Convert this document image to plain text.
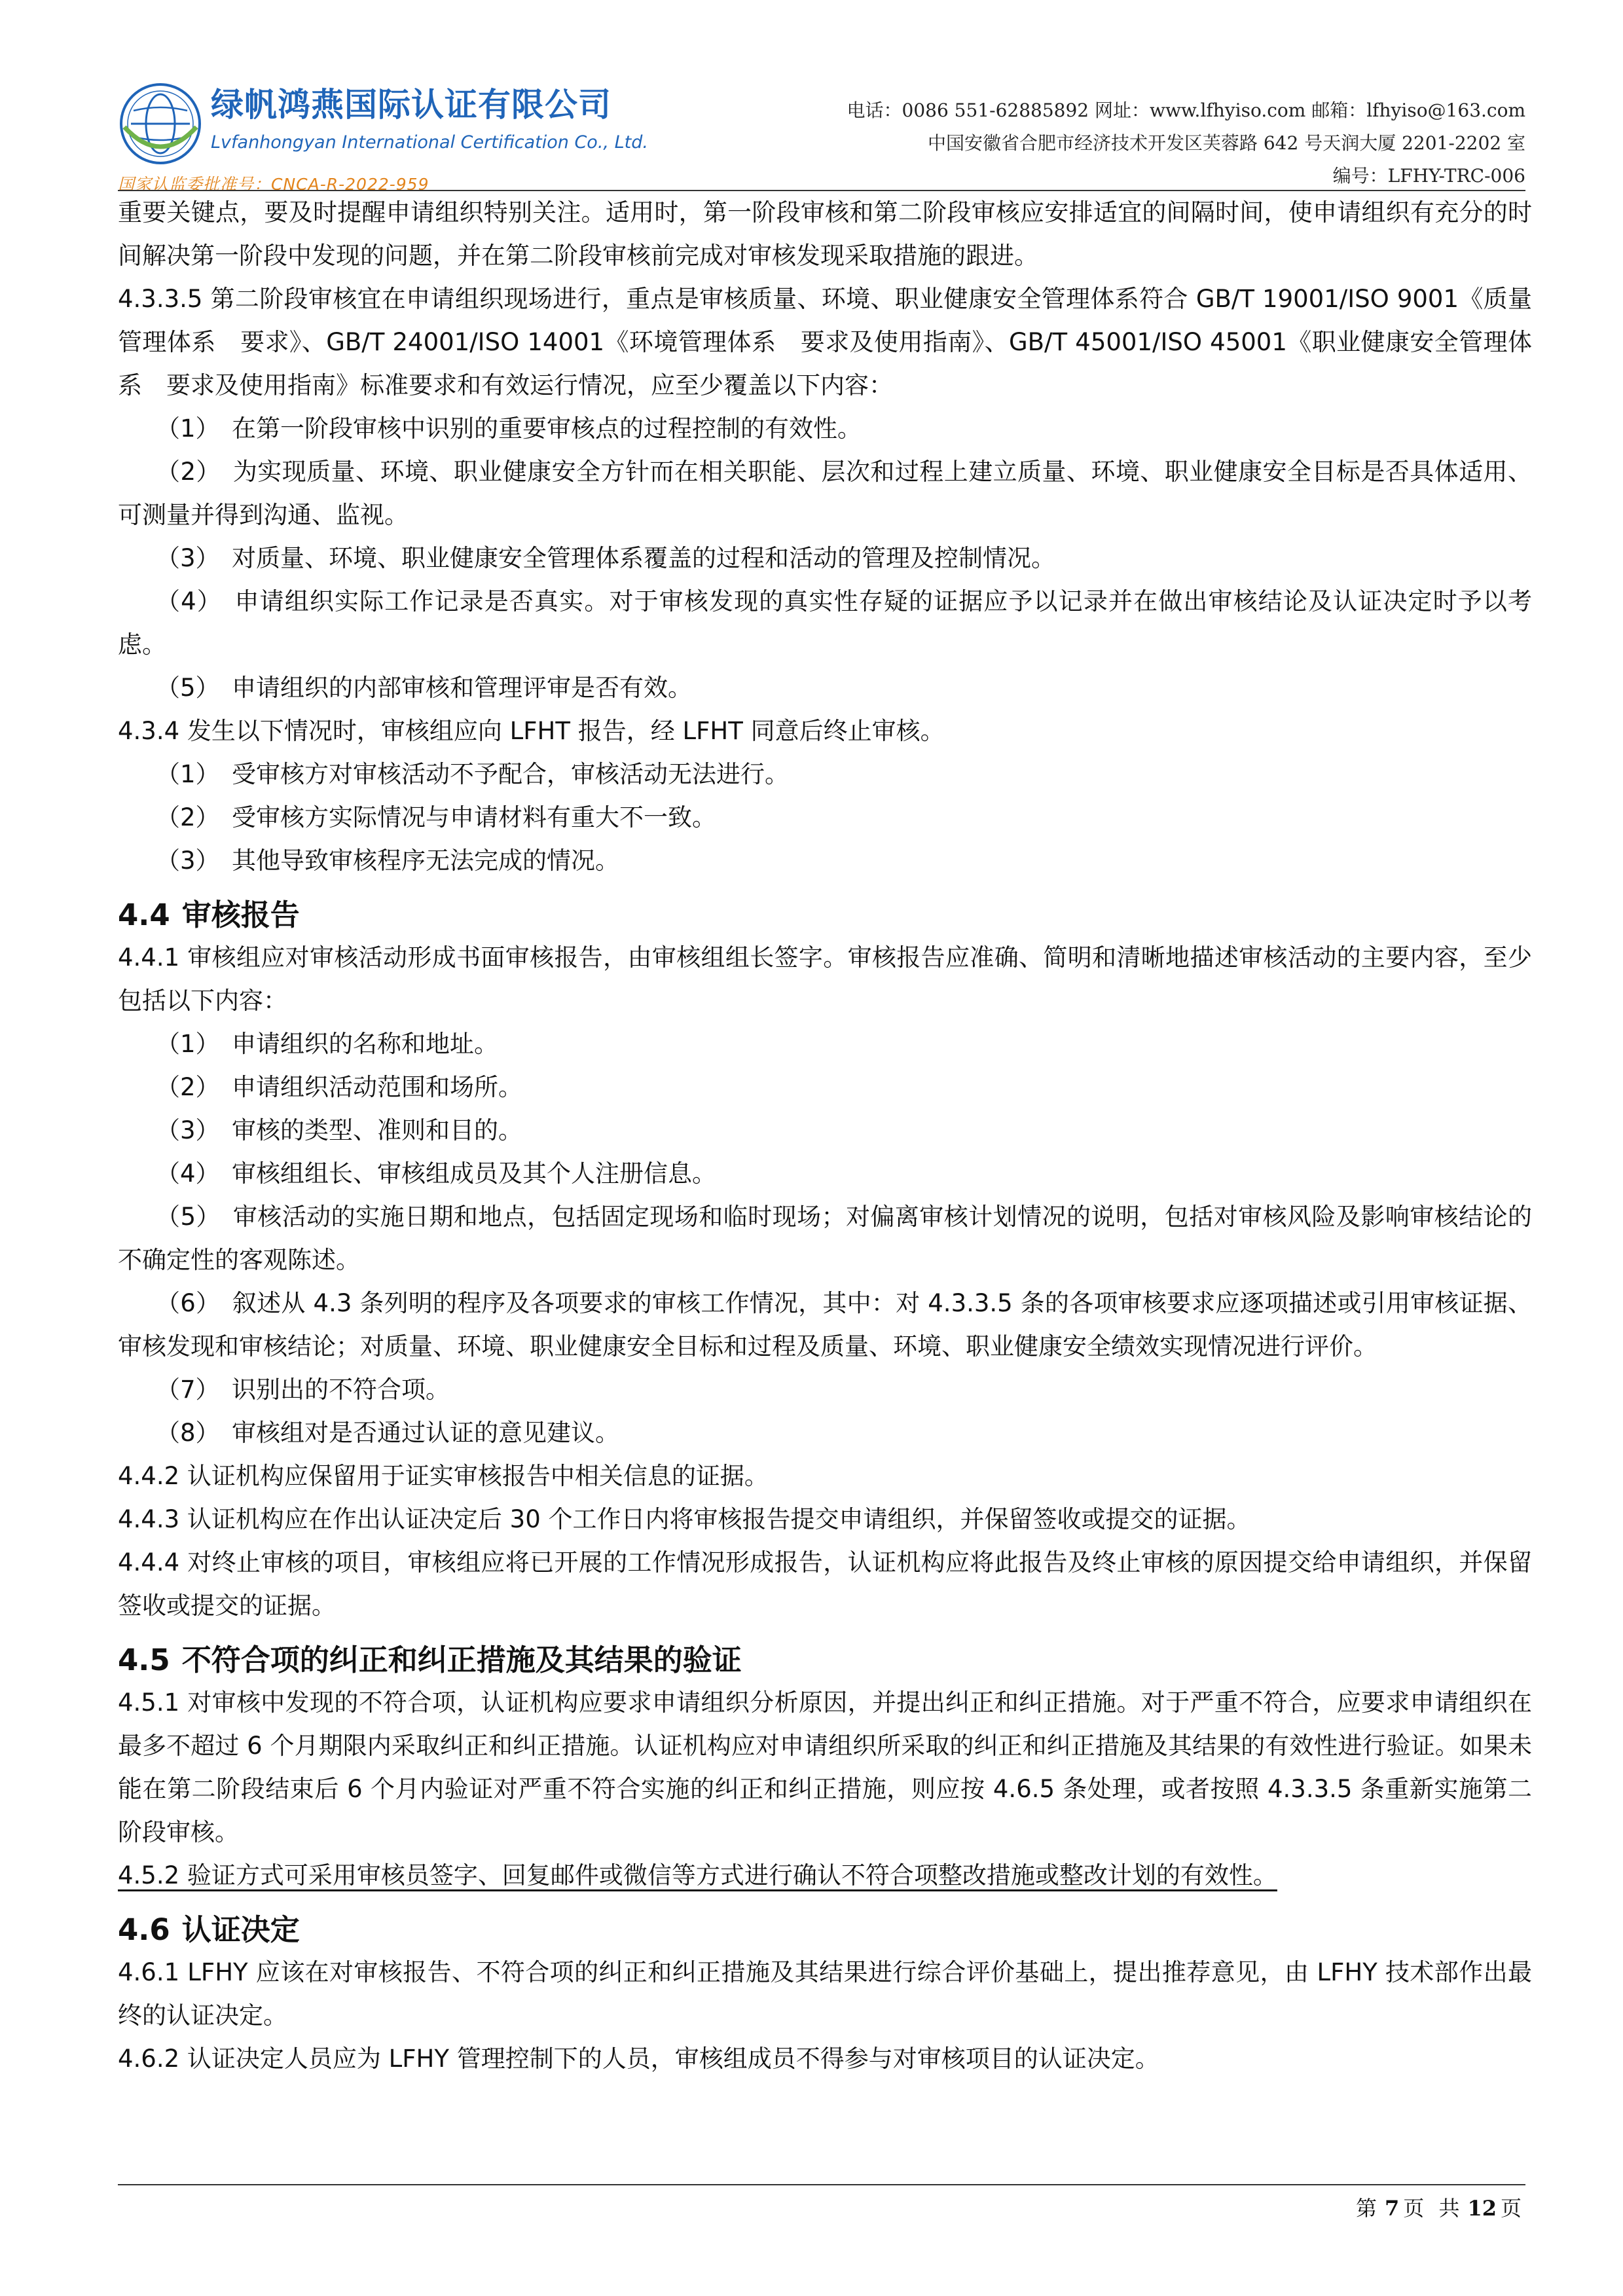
绿帆鸿燕国际认证有限公司
Lvfanhongyan International Certification Co., Ltd.
国家认监委批准号：CNCA-R-2022-959
电话：0086 551-62885892 网址：www.lfhyiso.com 邮箱：lfhyiso@163.com
中国安徽省合肥市经济技术开发区芙蓉路 642 号天润大厦 2201-2202 室
编号：LFHY-TRC-006

重要关键点，要及时提醒申请组织特别关注。适用时，第一阶段审核和第二阶段审核应安排适宜的间隔时间，使申请组织有充分的时间解决第一阶段中发现的问题，并在第二阶段审核前完成对审核发现采取措施的跟进。

4.3.3.5 第二阶段审核宜在申请组织现场进行，重点是审核质量、环境、职业健康安全管理体系符合 GB/T 19001/ISO 9001《质量管理体系　要求》、GB/T 24001/ISO 14001《环境管理体系　要求及使用指南》、GB/T 45001/ISO 45001《职业健康安全管理体系　要求及使用指南》标准要求和有效运行情况，应至少覆盖以下内容：

（1）　在第一阶段审核中识别的重要审核点的过程控制的有效性。

（2）　为实现质量、环境、职业健康安全方针而在相关职能、层次和过程上建立质量、环境、职业健康安全目标是否具体适用、可测量并得到沟通、监视。

（3）　对质量、环境、职业健康安全管理体系覆盖的过程和活动的管理及控制情况。

（4）　申请组织实际工作记录是否真实。对于审核发现的真实性存疑的证据应予以记录并在做出审核结论及认证决定时予以考虑。

（5）　申请组织的内部审核和管理评审是否有效。

4.3.4 发生以下情况时，审核组应向 LFHT 报告，经 LFHT 同意后终止审核。

（1）　受审核方对审核活动不予配合，审核活动无法进行。

（2）　受审核方实际情况与申请材料有重大不一致。

（3）　其他导致审核程序无法完成的情况。

4.4 审核报告

4.4.1 审核组应对审核活动形成书面审核报告，由审核组组长签字。审核报告应准确、简明和清晰地描述审核活动的主要内容，至少包括以下内容：

（1）　申请组织的名称和地址。

（2）　申请组织活动范围和场所。

（3）　审核的类型、准则和目的。

（4）　审核组组长、审核组成员及其个人注册信息。

（5）　审核活动的实施日期和地点，包括固定现场和临时现场；对偏离审核计划情况的说明，包括对审核风险及影响审核结论的不确定性的客观陈述。

（6）　叙述从 4.3 条列明的程序及各项要求的审核工作情况，其中：对 4.3.3.5 条的各项审核要求应逐项描述或引用审核证据、审核发现和审核结论；对质量、环境、职业健康安全目标和过程及质量、环境、职业健康安全绩效实现情况进行评价。

（7）　识别出的不符合项。

（8）　审核组对是否通过认证的意见建议。

4.4.2 认证机构应保留用于证实审核报告中相关信息的证据。

4.4.3 认证机构应在作出认证决定后 30 个工作日内将审核报告提交申请组织，并保留签收或提交的证据。

4.4.4 对终止审核的项目，审核组应将已开展的工作情况形成报告，认证机构应将此报告及终止审核的原因提交给申请组织，并保留签收或提交的证据。

4.5 不符合项的纠正和纠正措施及其结果的验证

4.5.1 对审核中发现的不符合项，认证机构应要求申请组织分析原因，并提出纠正和纠正措施。对于严重不符合，应要求申请组织在最多不超过 6 个月期限内采取纠正和纠正措施。认证机构应对申请组织所采取的纠正和纠正措施及其结果的有效性进行验证。如果未能在第二阶段结束后 6 个月内验证对严重不符合实施的纠正和纠正措施，则应按 4.6.5 条处理，或者按照 4.3.3.5 条重新实施第二阶段审核。

4.5.2 验证方式可采用审核员签字、回复邮件或微信等方式进行确认不符合项整改措施或整改计划的有效性。

4.6 认证决定

4.6.1 LFHY 应该在对审核报告、不符合项的纠正和纠正措施及其结果进行综合评价基础上，提出推荐意见，由 LFHY 技术部作出最终的认证决定。

4.6.2 认证决定人员应为 LFHY 管理控制下的人员，审核组成员不得参与对审核项目的认证决定。

第 7 页 共 12 页
